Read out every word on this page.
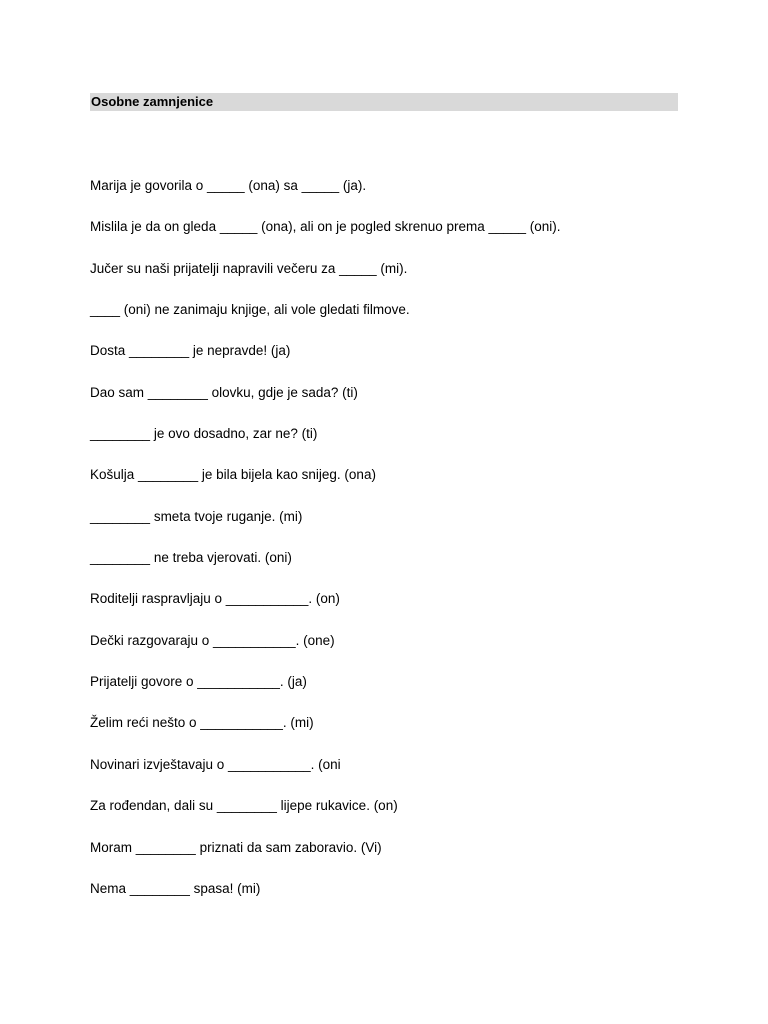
Osobne zamnjenice
Marija je govorila o _____ (ona) sa _____ (ja).
Mislila je da on gleda _____ (ona), ali on je pogled skrenuo prema _____ (oni).
Jučer su naši prijatelji napravili večeru za _____ (mi).
____ (oni) ne zanimaju knjige, ali vole gledati filmove.
Dosta ________ je nepravde! (ja)
Dao sam ________ olovku, gdje je sada? (ti)
________ je ovo dosadno, zar ne? (ti)
Košulja ________ je bila bijela kao snijeg. (ona)
________ smeta tvoje ruganje. (mi)
________ ne treba vjerovati. (oni)
Roditelji raspravljaju o ___________. (on)
Dečki razgovaraju o ___________. (one)
Prijatelji govore o ___________. (ja)
Želim reći nešto o ___________. (mi)
Novinari izvještavaju o ___________. (oni
Za rođendan, dali su ________ lijepe rukavice. (on)
Moram ________ priznati da sam zaboravio. (Vi)
Nema ________ spasa! (mi)
